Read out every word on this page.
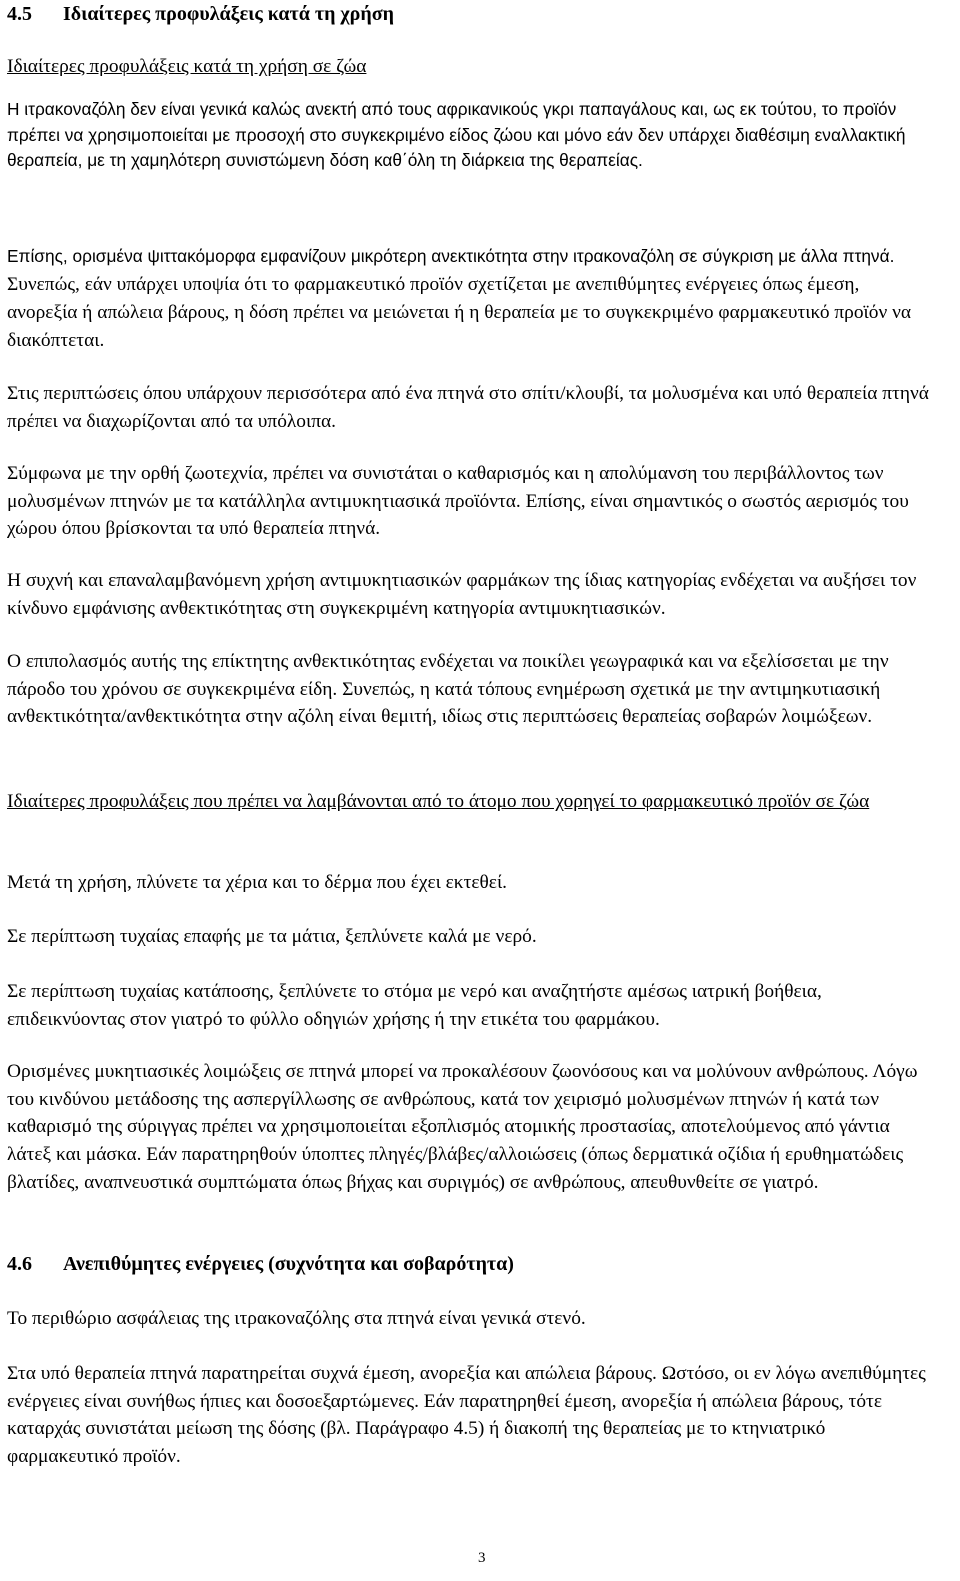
4.5 Ιδιαίτερες προφυλάξεις κατά τη χρήση

Ιδιαίτερες προφυλάξεις κατά τη χρήση σε ζώα

Η ιτρακοναζόλη δεν είναι γενικά καλώς ανεκτή από τους αφρικανικούς γκρι παπαγάλους και, ως εκ τούτου, το προϊόν πρέπει να χρησιμοποιείται με προσοχή στο συγκεκριμένο είδος ζώου και μόνο εάν δεν υπάρχει διαθέσιμη εναλλακτική θεραπεία, με τη χαμηλότερη συνιστώμενη δόση καθ΄όλη τη διάρκεια της θεραπείας.

Επίσης, ορισμένα ψιττακόμορφα εμφανίζουν μικρότερη ανεκτικότητα στην ιτρακοναζόλη σε σύγκριση με άλλα πτηνά. Συνεπώς, εάν υπάρχει υποψία ότι το φαρμακευτικό προϊόν σχετίζεται με ανεπιθύμητες ενέργειες όπως έμεση, ανορεξία ή απώλεια βάρους, η δόση πρέπει να μειώνεται ή η θεραπεία με το συγκεκριμένο φαρμακευτικό προϊόν να διακόπτεται.

Στις περιπτώσεις όπου υπάρχουν περισσότερα από ένα πτηνά στο σπίτι/κλουβί, τα μολυσμένα και υπό θεραπεία πτηνά πρέπει να διαχωρίζονται από τα υπόλοιπα.

Σύμφωνα με την ορθή ζωοτεχνία, πρέπει να συνιστάται ο καθαρισμός και η απολύμανση του περιβάλλοντος των μολυσμένων πτηνών με τα κατάλληλα αντιμυκητιασικά προϊόντα. Επίσης, είναι σημαντικός ο σωστός αερισμός του χώρου όπου βρίσκονται τα υπό θεραπεία πτηνά.

Η συχνή και επαναλαμβανόμενη χρήση αντιμυκητιασικών φαρμάκων της ίδιας κατηγορίας ενδέχεται να αυξήσει τον κίνδυνο εμφάνισης ανθεκτικότητας στη συγκεκριμένη κατηγορία αντιμυκητιασικών.

Ο επιπολασμός αυτής της επίκτητης ανθεκτικότητας ενδέχεται να ποικίλει γεωγραφικά και να εξελίσσεται με την πάροδο του χρόνου σε συγκεκριμένα είδη. Συνεπώς, η κατά τόπους ενημέρωση σχετικά με την αντιμηκυτιασική ανθεκτικότητα/ανθεκτικότητα στην αζόλη είναι θεμιτή, ιδίως στις περιπτώσεις θεραπείας σοβαρών λοιμώξεων.

Ιδιαίτερες προφυλάξεις που πρέπει να λαμβάνονται από το άτομο που χορηγεί το φαρμακευτικό προϊόν σε ζώα

Μετά τη χρήση, πλύνετε τα χέρια και το δέρμα που έχει εκτεθεί.

Σε περίπτωση τυχαίας επαφής με τα μάτια, ξεπλύνετε καλά με νερό.

Σε περίπτωση τυχαίας κατάποσης, ξεπλύνετε το στόμα με νερό και αναζητήστε αμέσως ιατρική βοήθεια, επιδεικνύοντας στον γιατρό το φύλλο οδηγιών χρήσης ή την ετικέτα του φαρμάκου.

Ορισμένες μυκητιασικές λοιμώξεις σε πτηνά μπορεί να προκαλέσουν ζωονόσους και να μολύνουν ανθρώπους. Λόγω του κινδύνου μετάδοσης της ασπεργίλλωσης σε ανθρώπους, κατά τον χειρισμό μολυσμένων πτηνών ή κατά των καθαρισμό της σύριγγας πρέπει να χρησιμοποιείται εξοπλισμός ατομικής προστασίας, αποτελούμενος από γάντια λάτεξ και μάσκα. Εάν παρατηρηθούν ύποπτες πληγές/βλάβες/αλλοιώσεις (όπως δερματικά οζίδια ή ερυθηματώδεις βλατίδες, αναπνευστικά συμπτώματα όπως βήχας και συριγμός) σε ανθρώπους, απευθυνθείτε σε γιατρό.

4.6 Ανεπιθύμητες ενέργειες (συχνότητα και σοβαρότητα)

Το περιθώριο ασφάλειας της ιτρακοναζόλης στα πτηνά είναι γενικά στενό.

Στα υπό θεραπεία πτηνά παρατηρείται συχνά έμεση, ανορεξία και απώλεια βάρους. Ωστόσο, οι εν λόγω ανεπιθύμητες ενέργειες είναι συνήθως ήπιες και δοσοεξαρτώμενες. Εάν παρατηρηθεί έμεση, ανορεξία ή απώλεια βάρους, τότε καταρχάς συνιστάται μείωση της δόσης (βλ. Παράγραφο 4.5) ή διακοπή της θεραπείας με το κτηνιατρικό φαρμακευτικό προϊόν.

3
